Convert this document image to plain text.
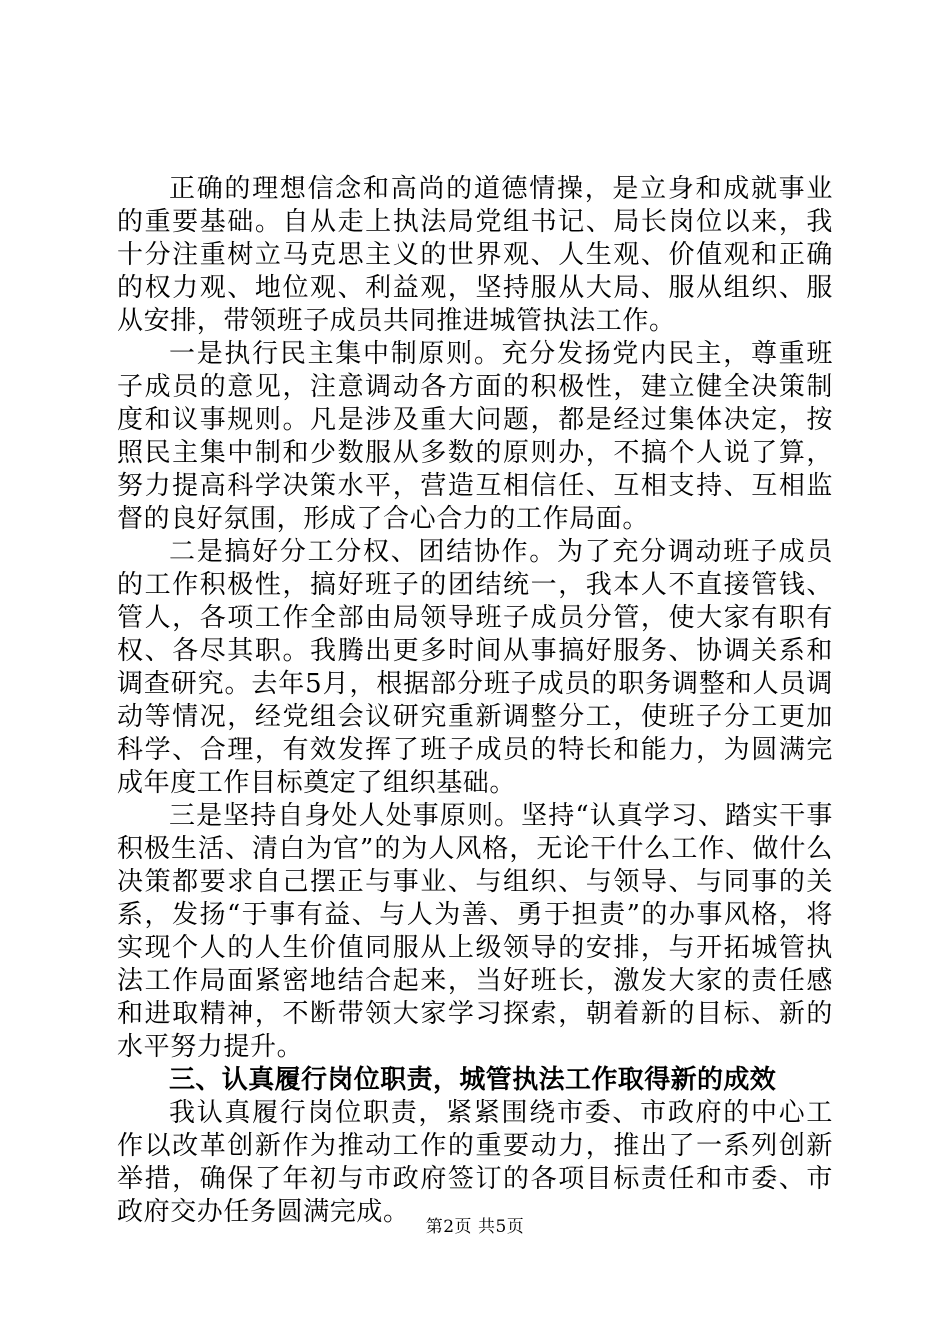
正确的理想信念和高尚的道德情操，是立身和成就事业的重要基础。自从走上执法局党组书记、局长岗位以来，我十分注重树立马克思主义的世界观、人生观、价值观和正确的权力观、地位观、利益观，坚持服从大局、服从组织、服从安排，带领班子成员共同推进城管执法工作。

一是执行民主集中制原则。充分发扬党内民主，尊重班子成员的意见，注意调动各方面的积极性，建立健全决策制度和议事规则。凡是涉及重大问题，都是经过集体决定，按照民主集中制和少数服从多数的原则办，不搞个人说了算，努力提高科学决策水平，营造互相信任、互相支持、互相监督的良好氛围，形成了合心合力的工作局面。

二是搞好分工分权、团结协作。为了充分调动班子成员的工作积极性，搞好班子的团结统一，我本人不直接管钱、管人，各项工作全部由局领导班子成员分管，使大家有职有权、各尽其职。我腾出更多时间从事搞好服务、协调关系和调查研究。去年5月，根据部分班子成员的职务调整和人员调动等情况，经党组会议研究重新调整分工，使班子分工更加科学、合理，有效发挥了班子成员的特长和能力，为圆满完成年度工作目标奠定了组织基础。

三是坚持自身处人处事原则。坚持“认真学习、踏实干事积极生活、清白为官”的为人风格，无论干什么工作、做什么决策都要求自己摆正与事业、与组织、与领导、与同事的关系，发扬“于事有益、与人为善、勇于担责”的办事风格，将实现个人的人生价值同服从上级领导的安排，与开拓城管执法工作局面紧密地结合起来，当好班长，激发大家的责任感和进取精神，不断带领大家学习探索，朝着新的目标、新的水平努力提升。

三、认真履行岗位职责，城管执法工作取得新的成效

我认真履行岗位职责，紧紧围绕市委、市政府的中心工作以改革创新作为推动工作的重要动力，推出了一系列创新举措，确保了年初与市政府签订的各项目标责任和市委、市政府交办任务圆满完成。 第2页 共5页
